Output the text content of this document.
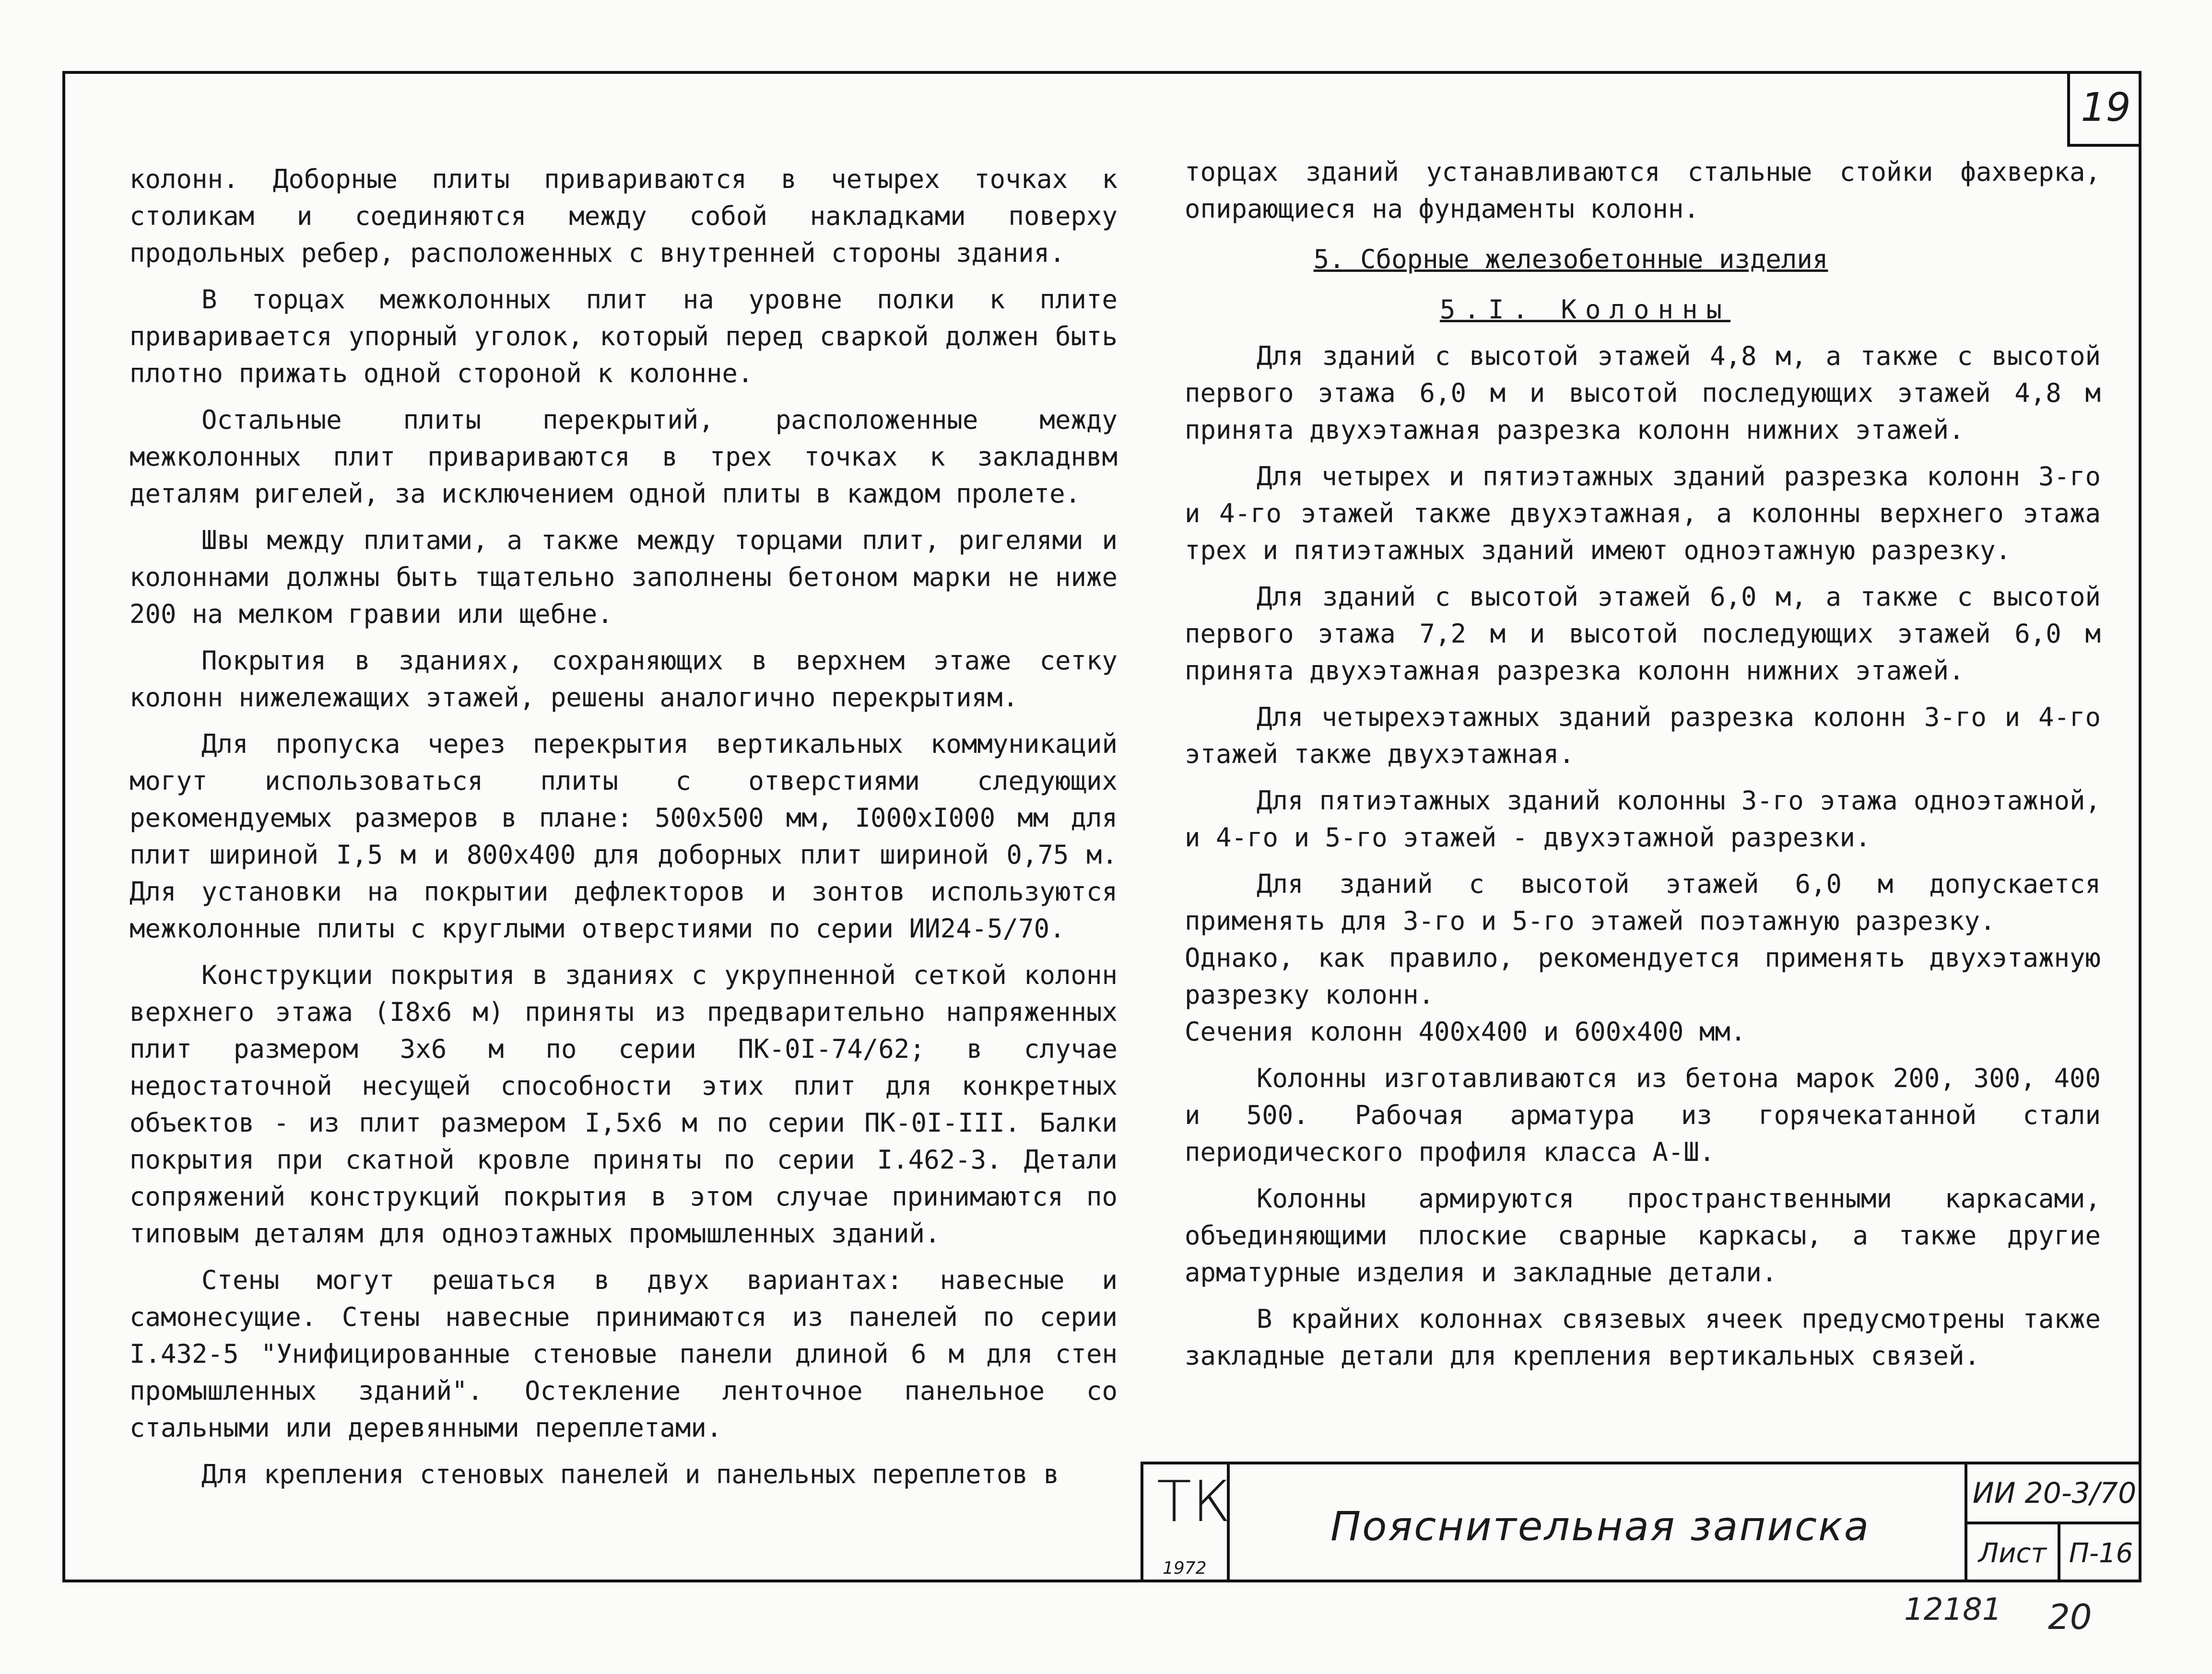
19

колонн. Доборные плиты привариваются в четырех точках к столикам и соединяются между собой накладками поверху продольных ребер, расположенных с внутренней стороны здания.

В торцах межколонных плит на уровне полки к плите приваривается упорный уголок, который перед сваркой должен быть плотно прижать одной стороной к колонне.

Остальные плиты перекрытий, расположенные между межколонных плит привариваются в трех точках к закладнвм деталям ригелей, за исключением одной плиты в каждом пролете.

Швы между плитами, а также между торцами плит, ригелями и колоннами должны быть тщательно заполнены бетоном марки не ниже 200 на мелком гравии или щебне.

Покрытия в зданиях, сохраняющих в верхнем этаже сетку колонн нижележащих этажей, решены аналогично перекрытиям.

Для пропуска через перекрытия вертикальных коммуникаций могут использоваться плиты с отверстиями следующих рекомендуемых размеров в плане: 500х500 мм, I000хI000 мм для плит шириной I,5 м и 800х400 для доборных плит шириной 0,75 м. Для установки на покрытии дефлекторов и зонтов используются межколонные плиты с круглыми отверстиями по серии ИИ24-5/70.

Конструкции покрытия в зданиях с укрупненной сеткой колонн верхнего этажа (I8х6 м) приняты из предварительно напряженных плит размером 3х6 м по серии ПК-0I-74/62; в случае недостаточной несущей способности этих плит для конкретных объектов - из плит размером I,5х6 м по серии ПК-0I-III. Балки покрытия при скатной кровле приняты по серии I.462-3. Детали сопряжений конструкций покрытия в этом случае принимаются по типовым деталям для одноэтажных промышленных зданий.

Стены могут решаться в двух вариантах: навесные и самонесущие. Стены навесные принимаются из панелей по серии I.432-5 "Унифицированные стеновые панели длиной 6 м для стен промышленных зданий". Остекление ленточное панельное со стальными или деревянными переплетами.

Для крепления стеновых панелей и панельных переплетов в

торцах зданий устанавливаются стальные стойки фахверка, опирающиеся на фундаменты колонн.

5. Сборные железобетонные изделия
5.I. Колонны

Для зданий с высотой этажей 4,8 м, а также с высотой первого этажа 6,0 м и высотой последующих этажей 4,8 м принята двухэтажная разрезка колонн нижних этажей.

Для четырех и пятиэтажных зданий разрезка колонн 3-го и 4-го этажей также двухэтажная, а колонны верхнего этажа трех и пятиэтажных зданий имеют одноэтажную разрезку.

Для зданий с высотой этажей 6,0 м, а также с высотой первого этажа 7,2 м и высотой последующих этажей 6,0 м принята двухэтажная разрезка колонн нижних этажей.

Для четырехэтажных зданий разрезка колонн 3-го и 4-го этажей также двухэтажная.

Для пятиэтажных зданий колонны 3-го этажа одноэтажной, и 4-го и 5-го этажей - двухэтажной разрезки.

Для зданий с высотой этажей 6,0 м допускается применять для 3-го и 5-го этажей поэтажную разрезку.

Однако, как правило, рекомендуется применять двухэтажную разрезку колонн.

Сечения колонн 400х400 и 600х400 мм.

Колонны изготавливаются из бетона марок 200, 300, 400 и 500. Рабочая арматура из горячекатанной стали периодического профиля класса А-Ш.

Колонны армируются пространственными каркасами, объединяющими плоские сварные каркасы, а также другие арматурные изделия и закладные детали.

В крайних колоннах связевых ячеек предусмотрены также закладные детали для крепления вертикальных связей.

ТК
1972
Пояснительная записка
ИИ 20-3/70
Лист П-16
12181 20
